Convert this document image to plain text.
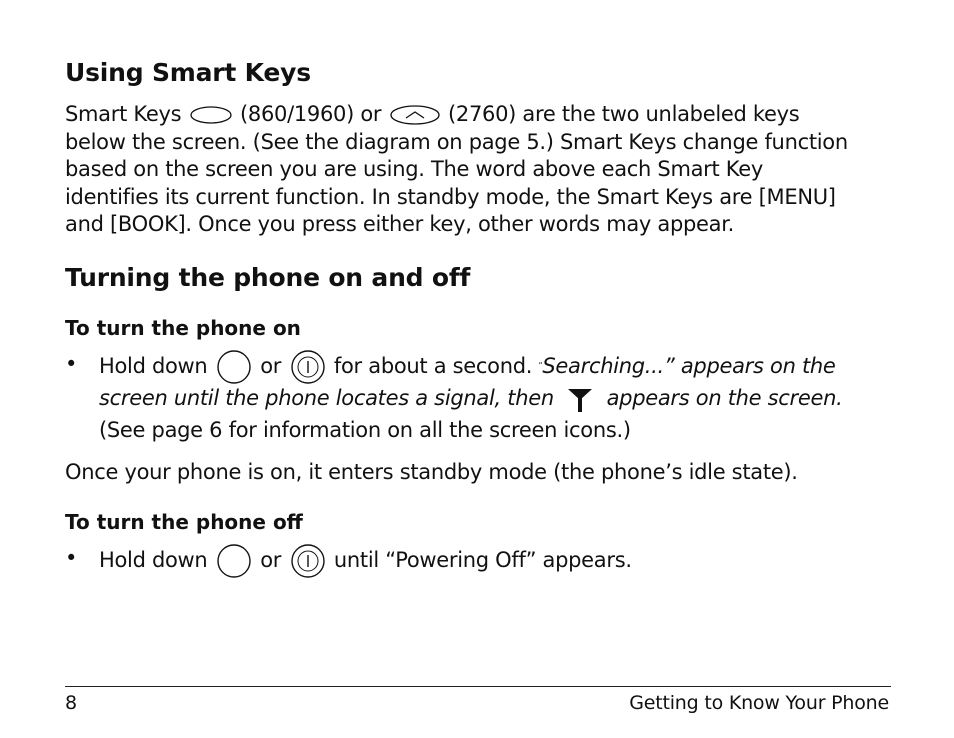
Using Smart Keys
Smart Keys	(860/1960) or	(2760) are the two unlabeled keys
below the screen. (See the diagram on page 5.) Smart Keys change function
based on the screen you are using. The word above each Smart Key
identifies its current function. In standby mode, the Smart Keys are [MENU]
and [BOOK]. Once you press either key, other words may appear.
Turning the phone on and off
To turn the phone on
• Hold down	or	for about a second. “Searching...” appears on the
screen until the phone locates a signal, then	appears on the screen.
(See page 6 for information on all the screen icons.)
Once your phone is on, it enters standby mode (the phone’s idle state).
To turn the phone off
• Hold down	or	until “Powering Off” appears.
8	Getting to Know Your Phone
